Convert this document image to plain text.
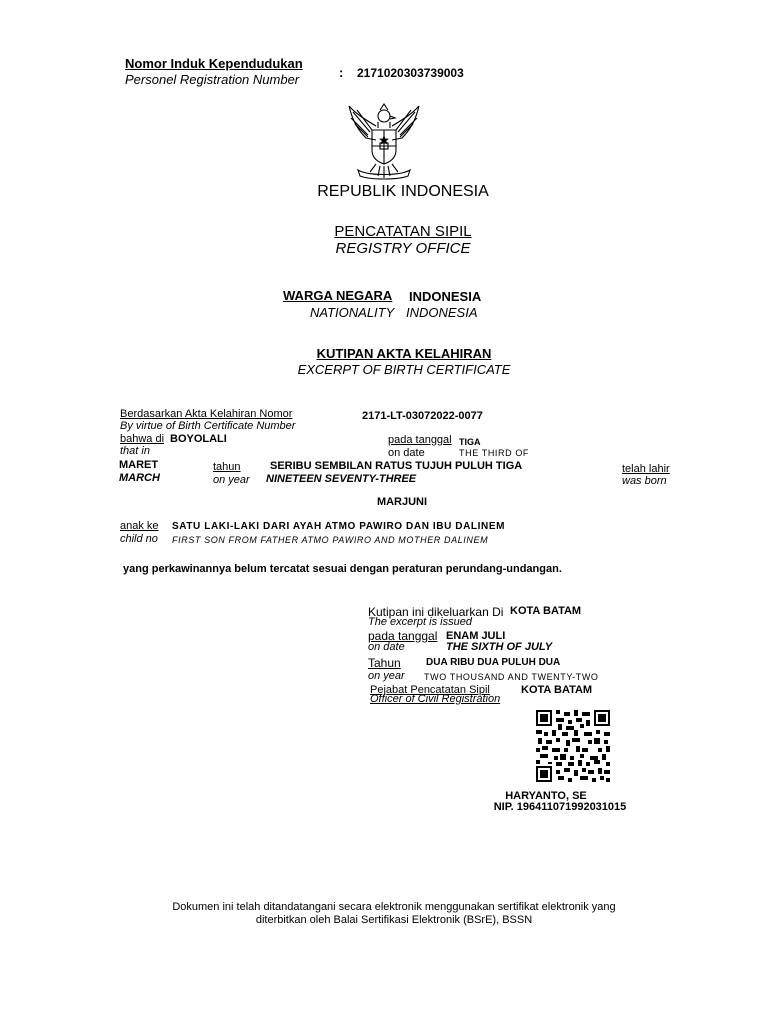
Nomor Induk Kependudukan
Personel Registration Number	: 2171020303739003
REPUBLIK INDONESIA
PENCATATAN SIPIL
REGISTRY OFFICE
WARGA NEGARA INDONESIA
NATIONALITY INDONESIA
KUTIPAN AKTA KELAHIRAN
EXCERPT OF BIRTH CERTIFICATE
Berdasarkan Akta Kelahiran Nomor
By virtue of Birth Certificate Number
2171-LT-03072022-0077
bahwa di BOYOLALI
that in
pada tanggal TIGA
on date	THE THIRD OF
MARET
MARCH
tahun
on year
SERIBU SEMBILAN RATUS TUJUH PULUH TIGA
NINETEEN SEVENTY-THREE
telah lahir
was born
MARJUNI
anak ke SATU LAKI-LAKI DARI AYAH ATMO PAWIRO DAN IBU DALINEM
child no FIRST SON FROM FATHER ATMO PAWIRO AND MOTHER DALINEM
yang perkawinannya belum tercatat sesuai dengan peraturan perundang-undangan.
Kutipan ini dikeluarkan Di KOTA BATAM
The excerpt is issued
pada tanggal ENAM JULI
on date	THE SIXTH OF JULY
Tahun	DUA RIBU DUA PULUH DUA
on year TWO THOUSAND AND TWENTY-TWO
Pejabat Pencatatan Sipil	KOTA BATAM
Officer of Civil Registration
HARYANTO, SE
NIP. 196411071992031015
Dokumen ini telah ditandatangani secara elektronik menggunakan sertifikat elektronik yang
diterbitkan oleh Balai Sertifikasi Elektronik (BSrE), BSSN
